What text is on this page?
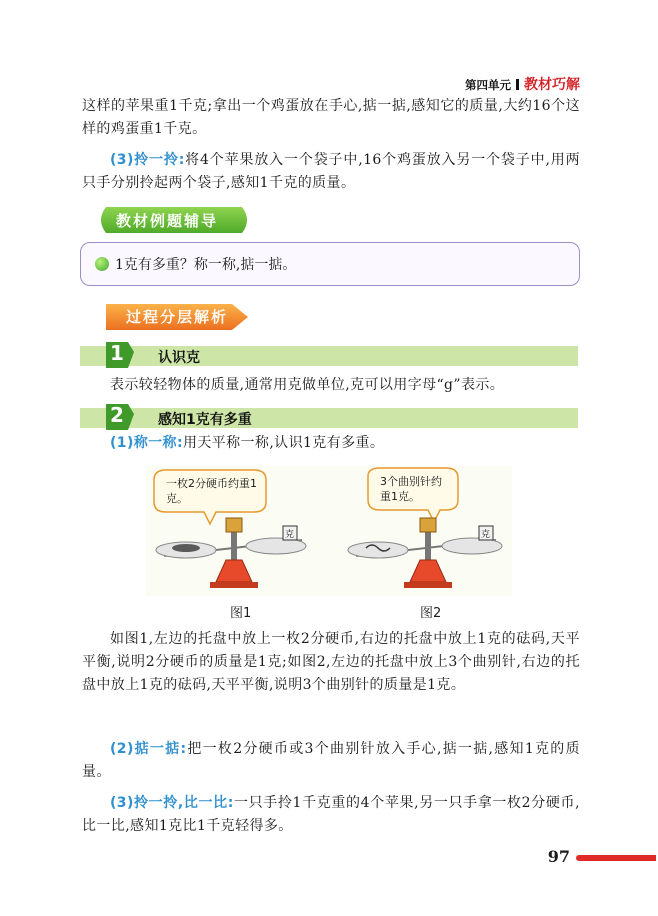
第四单元 教材巧解
这样的苹果重1千克;拿出一个鸡蛋放在手心,掂一掂,感知它的质量,大约16个这样的鸡蛋重1千克。
(3)拎一拎:将4个苹果放入一个袋子中,16个鸡蛋放入另一个袋子中,用两只手分别拎起两个袋子,感知1千克的质量。
教材例题辅导
1克有多重？称一称,掂一掂。
过程分层解析
1	认识克
表示较轻物体的质量,通常用克做单位,克可以用字母“g”表示。
2	感知1克有多重
(1)称一称:用天平称一称,认识1克有多重。
一枚2分硬币约重1克。
3个曲别针约重1克。
克	克
图1	图2
如图1,左边的托盘中放上一枚2分硬币,右边的托盘中放上1克的砝码,天平平衡,说明2分硬币的质量是1克;如图2,左边的托盘中放上3个曲别针,右边的托盘中放上1克的砝码,天平平衡,说明3个曲别针的质量是1克。
(2)掂一掂:把一枚2分硬币或3个曲别针放入手心,掂一掂,感知1克的质量。
(3)拎一拎,比一比:一只手拎1千克重的4个苹果,另一只手拿一枚2分硬币,比一比,感知1克比1千克轻得多。
97
